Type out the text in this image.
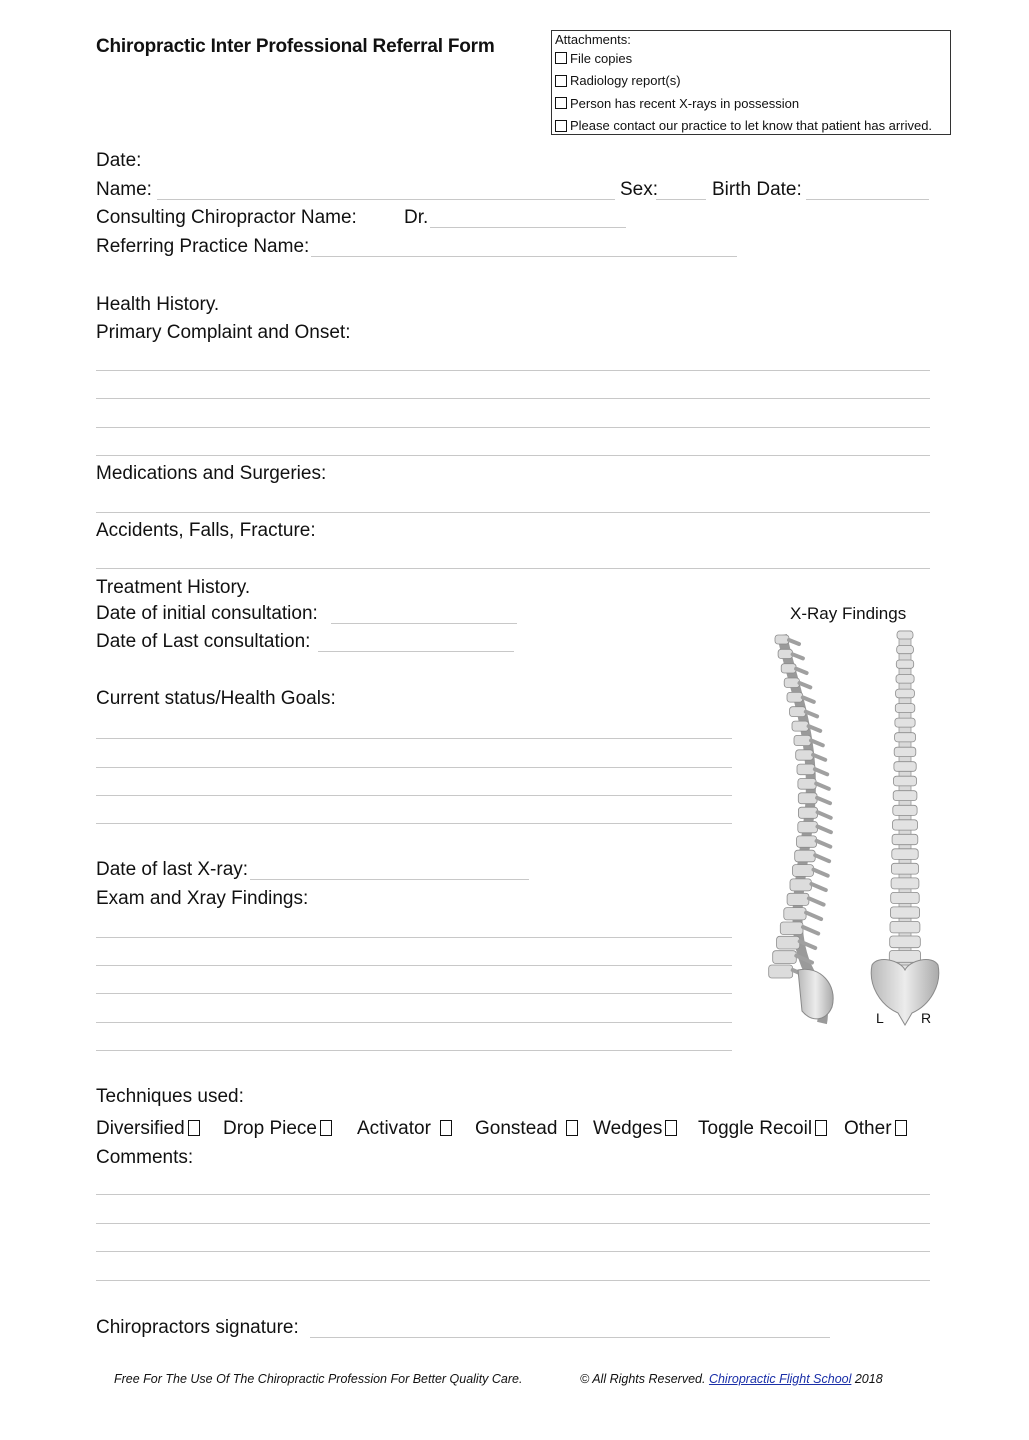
Chiropractic Inter Professional Referral Form	Attachments:
File copies
Radiology report(s)
Person has recent X-rays in possession
Please contact our practice to let know that patient has arrived.
Date:
Name:	Sex:	Birth Date:
Consulting Chiropractor Name: Dr.
Referring Practice Name:
Health History.
Primary Complaint and Onset:
Medications and Surgeries:
Accidents, Falls, Fracture:
Treatment History.
Date of initial consultation:
Date of Last consultation:
Current status/Health Goals:
Date of last X-ray:
Exam and Xray Findings:
X-Ray Findings
L	R
Techniques used:
Diversified	Drop Piece	Activator	Gonstead	Wedges	Toggle Recoil	Other
Comments:
Chiropractors signature:
Free For The Use Of The Chiropractic Profession For Better Quality Care.	© All Rights Reserved. Chiropractic Flight School 2018
